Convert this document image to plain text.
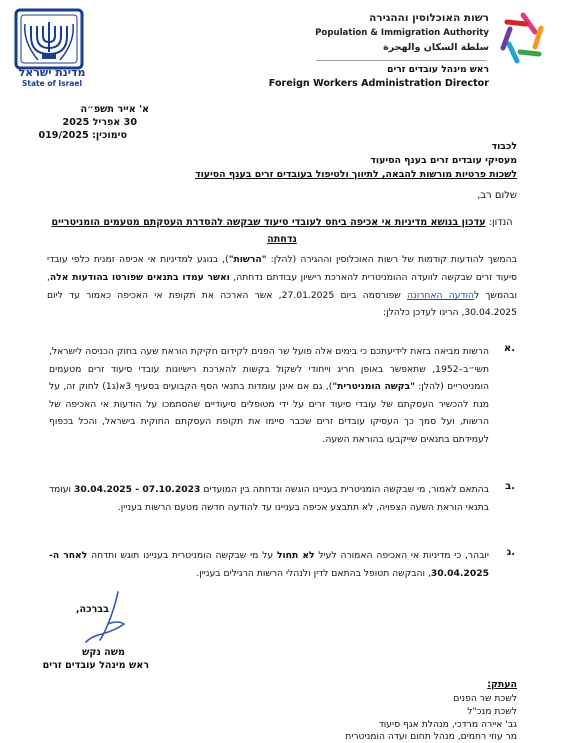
מדינת ישראל
State of Israel
רשות האוכלוסין וההגירה
Population & Immigration Authority
سلطة السكان والهجرة
ראש מינהל עובדים זרים
Foreign Workers Administration Director
א' אייר תשפ״ה
30 אפריל 2025
סימוכין: 019/2025
לכבוד
מעסיקי עובדים זרים בענף הסיעוד
לשכות פרטיות מורשות להבאה, לתיווך ולטיפול בעובדים זרים בענף הסיעוד
שלום רב,
הנדון: עדכון בנושא מדיניות אי אכיפה ביחס לעובדי סיעוד שבקשה להסדרת העסקתם מטעמים הומניטריים נדחתה
בהמשך להודעות קודמות של רשות האוכלוסין וההגירה (להלן: "הרשות"), בנוגע למדיניות אי אכיפה זמנית כלפי עובדי סיעוד זרים שבקשה לוועדה ההומניטרית להארכת רישיון עבודתם נדחתה, ואשר עמדו בתנאים שפורטו בהודעות אלה, ובהמשך להודעה האחרונה שפורסמה ביום 27.01.2025, אשר הארכה את תקופת אי האכיפה כאמור עד ליום 30.04.2025, הרינו לעדכן כלהלן:
א.
הרשות מביאה בזאת לידיעתכם כי בימים אלה פועל שר הפנים לקידום חקיקת הוראת שעה בחוק הכניסה לישראל, תשי״ב–1952, שתאפשר באופן חריג וייחודי לשקול בקשות להארכת רישיונות עובדי סיעוד זרים מטעמים הומניטריים (להלן: "בקשה הומניטרית"), גם אם אינן עומדות בתנאי הסף הקבועים בסעיף 3א(ג1) לחוק זה, על מנת להכשיר העסקתם של עובדי סיעוד זרים על ידי מטופלים סיעודיים שהסתמכו על הודעות אי האכיפה של הרשות, ועל סמך כך העסיקו עובדים זרים שכבר סיימו את תקופת העסקתם החוקית בישראל, והכל בכפוף לעמידתם בתנאים שייקבעו בהוראת השעה.
ב.
בהתאם לאמור, מי שבקשה הומניטרית בעניינו הוגשה ונדחתה בין המועדים 07.10.2023 - 30.04.2025 ועומד בתנאי הוראת השעה הצפויה, לא תתבצע אכיפה בעניינו עד להודעה חדשה מטעם הרשות בעניין.
ג.
יובהר, כי מדיניות אי האכיפה האמורה לעיל לא תחול על מי שבקשה הומניטרית בעניינו תוגש ותדחה לאחר ה- 30.04.2025, והבקשה תטופל בהתאם לדין ולנהלי הרשות הרגילים בעניין.
בברכה,
משה נקש
ראש מינהל עובדים זרים
העתק:
לשכת שר הפנים
לשכת מנכ"ל
גב' איירה מרדכי, מנהלת אגף סיעוד
מר עוזי רחמים, מנהל תחום ועדה הומניטרית
